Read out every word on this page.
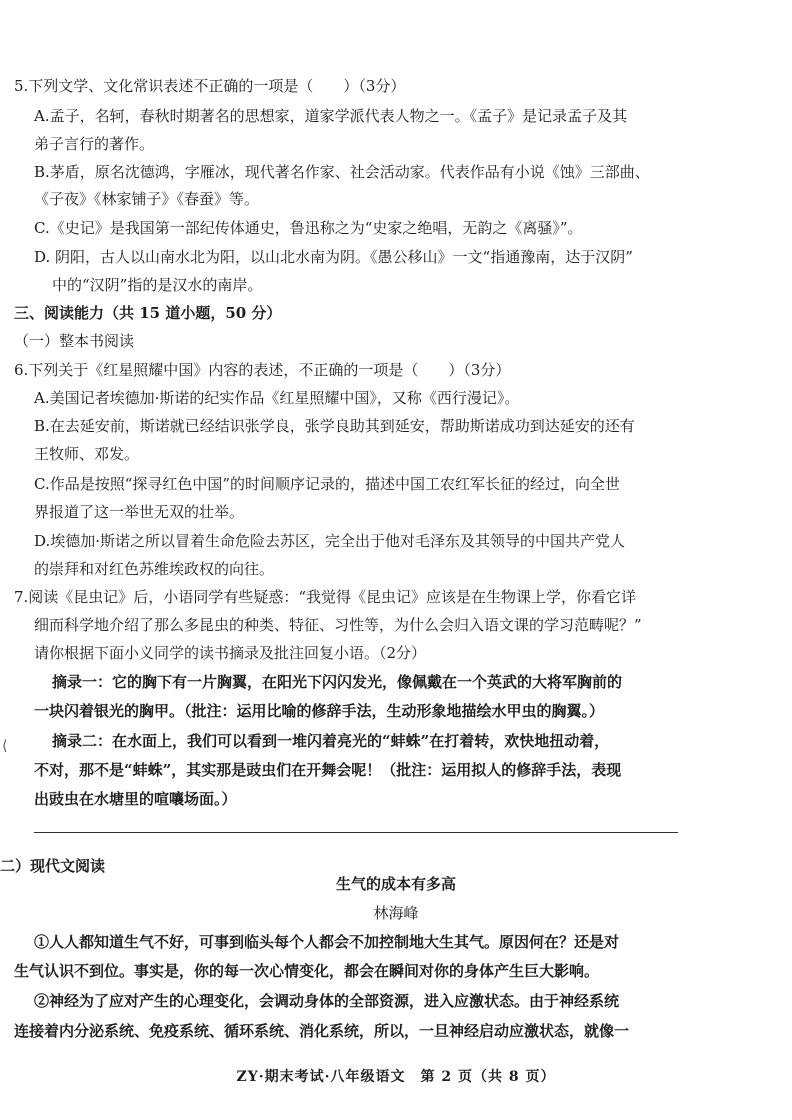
5.下列文学、文化常识表述不正确的一项是（　　）（3分）
A.孟子，名轲，春秋时期著名的思想家，道家学派代表人物之一。《孟子》是记录孟子及其
弟子言行的著作。
B.茅盾，原名沈德鸿，字雁冰，现代著名作家、社会活动家。代表作品有小说《蚀》三部曲、
《子夜》《林家铺子》《春蚕》等。
C.《史记》是我国第一部纪传体通史，鲁迅称之为“史家之绝唱，无韵之《离骚》”。
D. 阴阳，古人以山南水北为阳，以山北水南为阴。《愚公移山》一文“指通豫南，达于汉阴”
中的“汉阴”指的是汉水的南岸。
三、阅读能力（共 15 道小题，50 分）
（一）整本书阅读
6.下列关于《红星照耀中国》内容的表述，不正确的一项是（　　）（3分）
A.美国记者埃德加·斯诺的纪实作品《红星照耀中国》，又称《西行漫记》。
B.在去延安前，斯诺就已经结识张学良，张学良助其到延安，帮助斯诺成功到达延安的还有
王牧师、邓发。
C.作品是按照“探寻红色中国”的时间顺序记录的，描述中国工农红军长征的经过，向全世
界报道了这一举世无双的壮举。
D.埃德加·斯诺之所以冒着生命危险去苏区，完全出于他对毛泽东及其领导的中国共产党人
的崇拜和对红色苏维埃政权的向往。
7.阅读《昆虫记》后，小语同学有些疑惑：“我觉得《昆虫记》应该是在生物课上学，你看它详
细而科学地介绍了那么多昆虫的种类、特征、习性等，为什么会归入语文课的学习范畴呢？”
请你根据下面小义同学的读书摘录及批注回复小语。（2分）
摘录一：它的胸下有一片胸翼，在阳光下闪闪发光，像佩戴在一个英武的大将军胸前的
一块闪着银光的胸甲。（批注：运用比喻的修辞手法，生动形象地描绘水甲虫的胸翼。）
摘录二：在水面上，我们可以看到一堆闪着亮光的“蚌蛛”在打着转，欢快地扭动着，
不对，那不是“蚌蛛”，其实那是豉虫们在开舞会呢！（批注：运用拟人的修辞手法，表现
出豉虫在水塘里的喧嚷场面。）
⟨
二）现代文阅读
生气的成本有多高
林海峰
①人人都知道生气不好，可事到临头每个人都会不加控制地大生其气。原因何在？还是对
生气认识不到位。事实是，你的每一次心情变化，都会在瞬间对你的身体产生巨大影响。
②神经为了应对产生的心理变化，会调动身体的全部资源，进入应激状态。由于神经系统
连接着内分泌系统、免疫系统、循环系统、消化系统，所以，一旦神经启动应激状态，就像一
ZY·期末考试·八年级语文　第 2 页（共 8 页）
